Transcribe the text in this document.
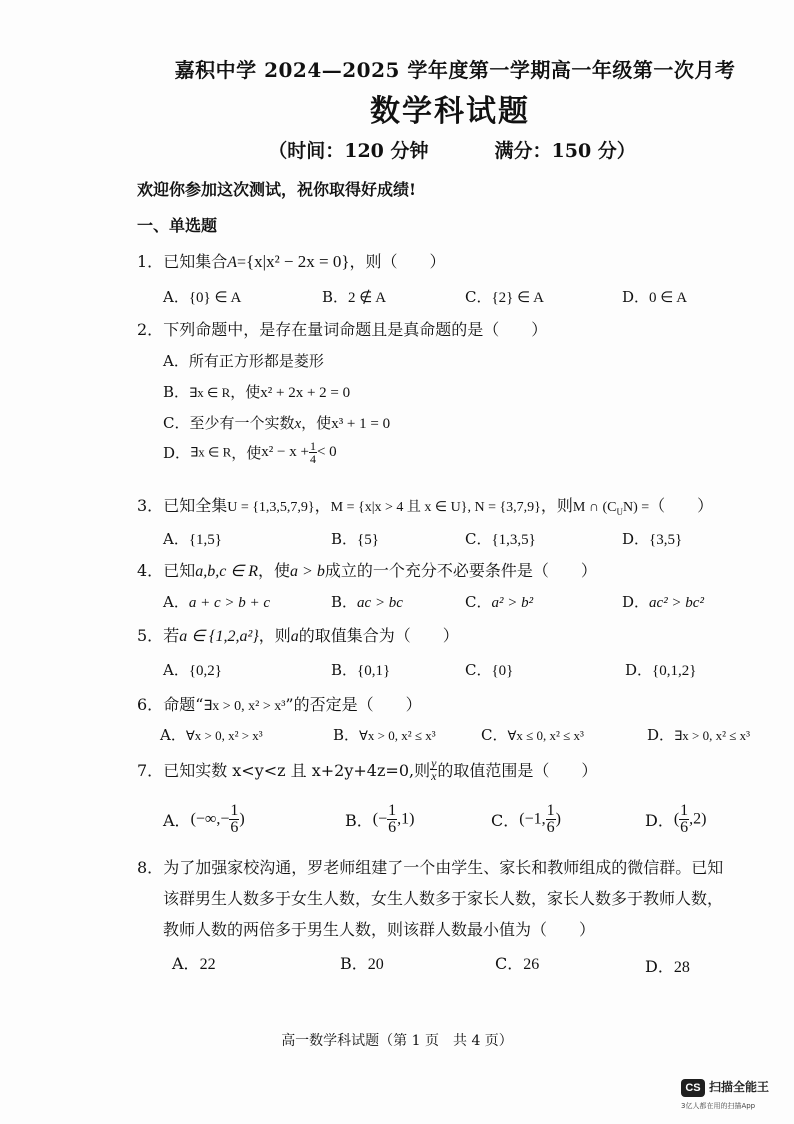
嘉积中学 2024—2025 学年度第一学期高一年级第一次月考
数学科试题
（时间：120 分钟	满分：150 分）
欢迎你参加这次测试，祝你取得好成绩!
一、单选题
1．已知集合A={x|x² − 2x = 0}，则（　　）
A．{0} ∈ A	B．2 ∉ A	C．{2} ∈ A	D．0 ∈ A
2．下列命题中，是存在量词命题且是真命题的是（　　）
A．所有正方形都是菱形
B．∃x ∈ R，使x² + 2x + 2 = 0
C．至少有一个实数x，使x³ + 1 = 0
D．∃x ∈ R，使$x^2 - x + \frac{1}{4} < 0$
3．已知全集U = {1,3,5,7,9}，M = {x|x > 4 且 x ∈ U}, N = {3,7,9}，则M ∩ $(C_UN)$ =（　　）
A．{1,5}	B．{5}	C．{1,3,5}	D．{3,5}
4．已知a,b,c ∈ R，使a > b成立的一个充分不必要条件是（　　）
A．a + c > b + c	B．ac > bc	C．a² > b²	D．ac² > bc²
5．若a ∈ {1,2,a²}，则a的取值集合为（　　）
A．{0,2}	B．{0,1}	C．{0}	D．{0,1,2}
6．命题“∃x > 0, x² > x³”的否定是（　　）
A．∀x > 0, x² > x³	B．∀x > 0, x² ≤ x³	C．∀x ≤ 0, x² ≤ x³	D．∃x > 0, x² ≤ x³
7．已知实数 x<y<z 且 x+2y+4z=0,则 $\frac{y}{x}$ 的取值范围是（　　）
A．(−∞,− $\frac{1}{6}$ )	B．(− $\frac{1}{6} ,1$)	C．(−1, $\frac{1}{6}$ )	D．( $\frac{1}{6} ,2$)
8．为了加强家校沟通，罗老师组建了一个由学生、家长和教师组成的微信群。已知
该群男生人数多于女生人数，女生人数多于家长人数，家长人数多于教师人数，
教师人数的两倍多于男生人数，则该群人数最小值为（　　）
A．22	B．20	C．26	D．28
高一数学科试题（第 1 页　共 4 页）
CS 扫描全能王
3亿人都在用的扫描App
